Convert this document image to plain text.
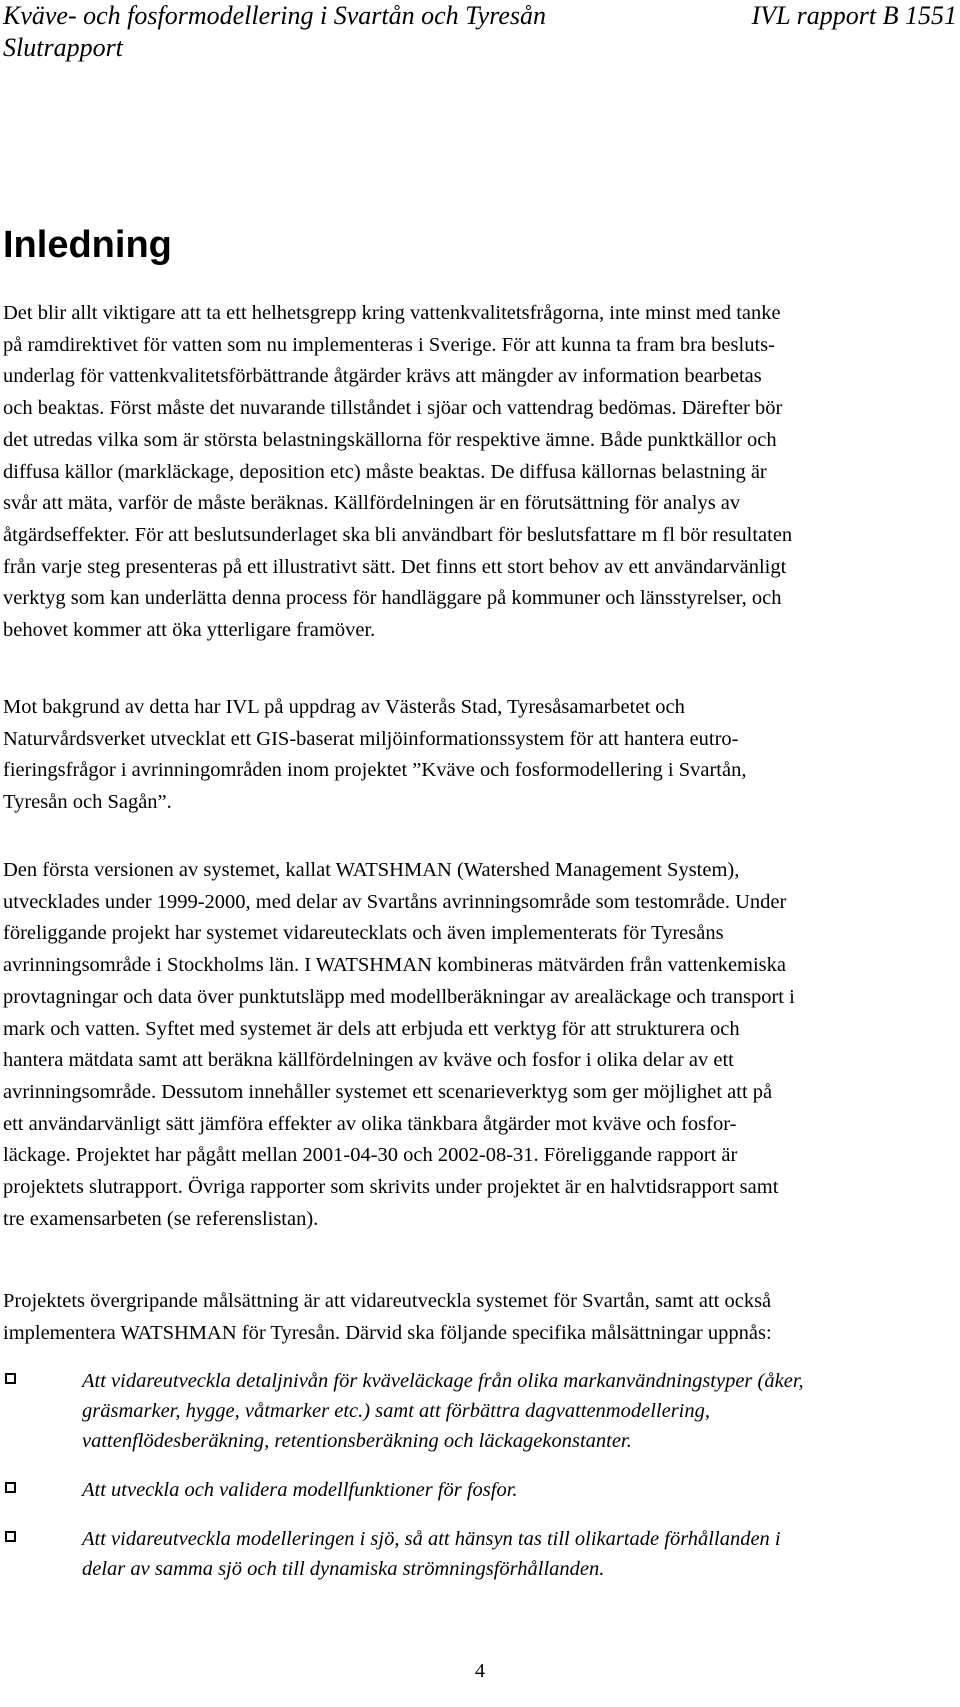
Kväve- och fosformodellering i Svartån och Tyresån	IVL rapport B 1551
Slutrapport
Inledning

Det blir allt viktigare att ta ett helhetsgrepp kring vattenkvalitetsfrågorna, inte minst med tanke
på ramdirektivet för vatten som nu implementeras i Sverige. För att kunna ta fram bra besluts-
underlag för vattenkvalitetsförbättrande åtgärder krävs att mängder av information bearbetas
och beaktas. Först måste det nuvarande tillståndet i sjöar och vattendrag bedömas. Därefter bör
det utredas vilka som är största belastningskällorna för respektive ämne. Både punktkällor och
diffusa källor (markläckage, deposition etc) måste beaktas. De diffusa källornas belastning är
svår att mäta, varför de måste beräknas. Källfördelningen är en förutsättning för analys av
åtgärdseffekter. För att beslutsunderlaget ska bli användbart för beslutsfattare m fl bör resultaten
från varje steg presenteras på ett illustrativt sätt. Det finns ett stort behov av ett användarvänligt
verktyg som kan underlätta denna process för handläggare på kommuner och länsstyrelser, och
behovet kommer att öka ytterligare framöver.

Mot bakgrund av detta har IVL på uppdrag av Västerås Stad, Tyresåsamarbetet och
Naturvårdsverket utvecklat ett GIS-baserat miljöinformationssystem för att hantera eutro-
fieringsfrågor i avrinningområden inom projektet ”Kväve och fosformodellering i Svartån,
Tyresån och Sagån”.

Den första versionen av systemet, kallat WATSHMAN (Watershed Management System),
utvecklades under 1999-2000, med delar av Svartåns avrinningsområde som testområde. Under
föreliggande projekt har systemet vidareutecklats och även implementerats för Tyresåns
avrinningsområde i Stockholms län. I WATSHMAN kombineras mätvärden från vattenkemiska
provtagningar och data över punktutsläpp med modellberäkningar av arealäckage och transport i
mark och vatten. Syftet med systemet är dels att erbjuda ett verktyg för att strukturera och
hantera mätdata samt att beräkna källfördelningen av kväve och fosfor i olika delar av ett
avrinningsområde. Dessutom innehåller systemet ett scenarieverktyg som ger möjlighet att på
ett användarvänligt sätt jämföra effekter av olika tänkbara åtgärder mot kväve och fosfor-
läckage. Projektet har pågått mellan 2001-04-30 och 2002-08-31. Föreliggande rapport är
projektets slutrapport. Övriga rapporter som skrivits under projektet är en halvtidsrapport samt
tre examensarbeten (se referenslistan).

Projektets övergripande målsättning är att vidareutveckla systemet för Svartån, samt att också
implementera WATSHMAN för Tyresån. Därvid ska följande specifika målsättningar uppnås:

Att vidareutveckla detaljnivån för kväveläckage från olika markanvändningstyper (åker,
gräsmarker, hygge, våtmarker etc.) samt att förbättra dagvattenmodellering,
vattenflödesberäkning, retentionsberäkning och läckagekonstanter.
Att utveckla och validera modellfunktioner för fosfor.
Att vidareutveckla modelleringen i sjö, så att hänsyn tas till olikartade förhållanden i
delar av samma sjö och till dynamiska strömningsförhållanden.
4
